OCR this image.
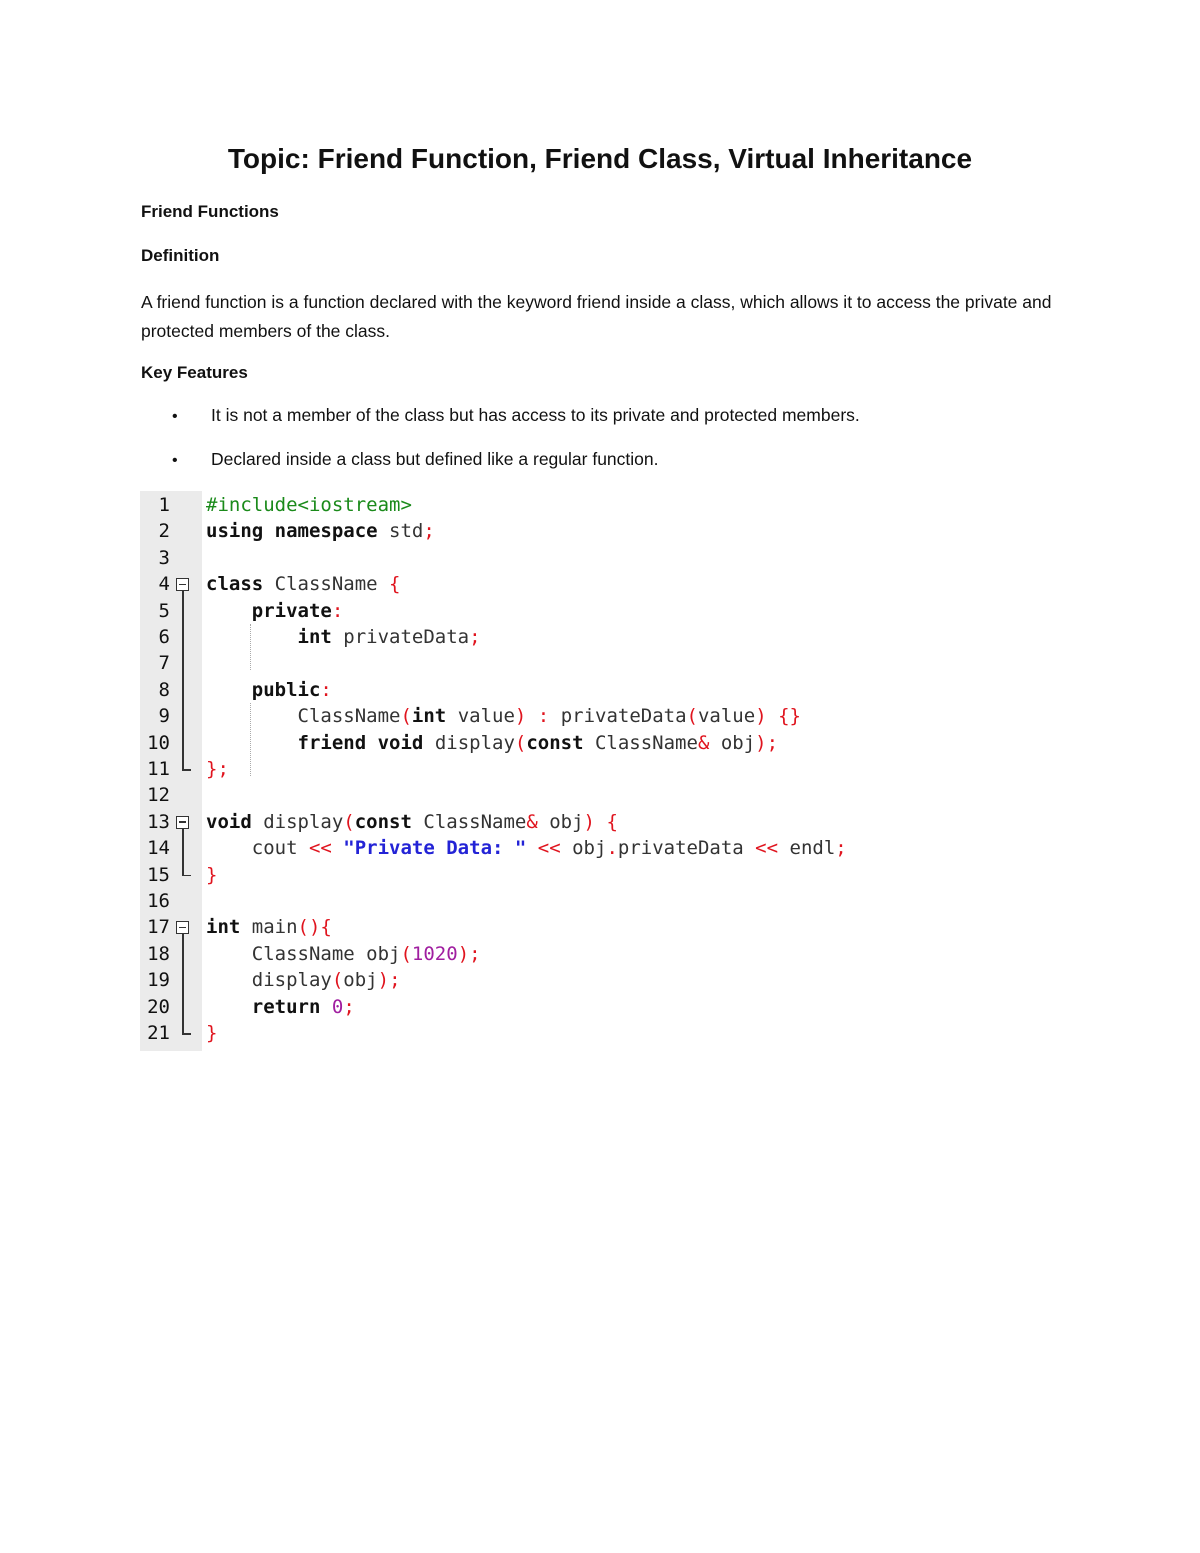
Topic: Friend Function, Friend Class, Virtual Inheritance
Friend Functions
Definition
A friend function is a function declared with the keyword friend inside a class, which allows it to access the private and protected members of the class.
Key Features
• It is not a member of the class but has access to its private and protected members.
• Declared inside a class but defined like a regular function.
1 #include<iostream>
2 using namespace std;
3
4 class ClassName {
5	private:
6	int privateData;
7
8	public:
9 ClassName(int value) : privateData(value) {}
10	friend void display(const ClassName& obj);
11 };
12
13 void display(const ClassName& obj) {
14 cout << "Private Data: " << obj.privateData << endl;
15 }
16
17 int main(){
18 ClassName obj(1020);
19 display(obj);
20	return 0;
21 }
